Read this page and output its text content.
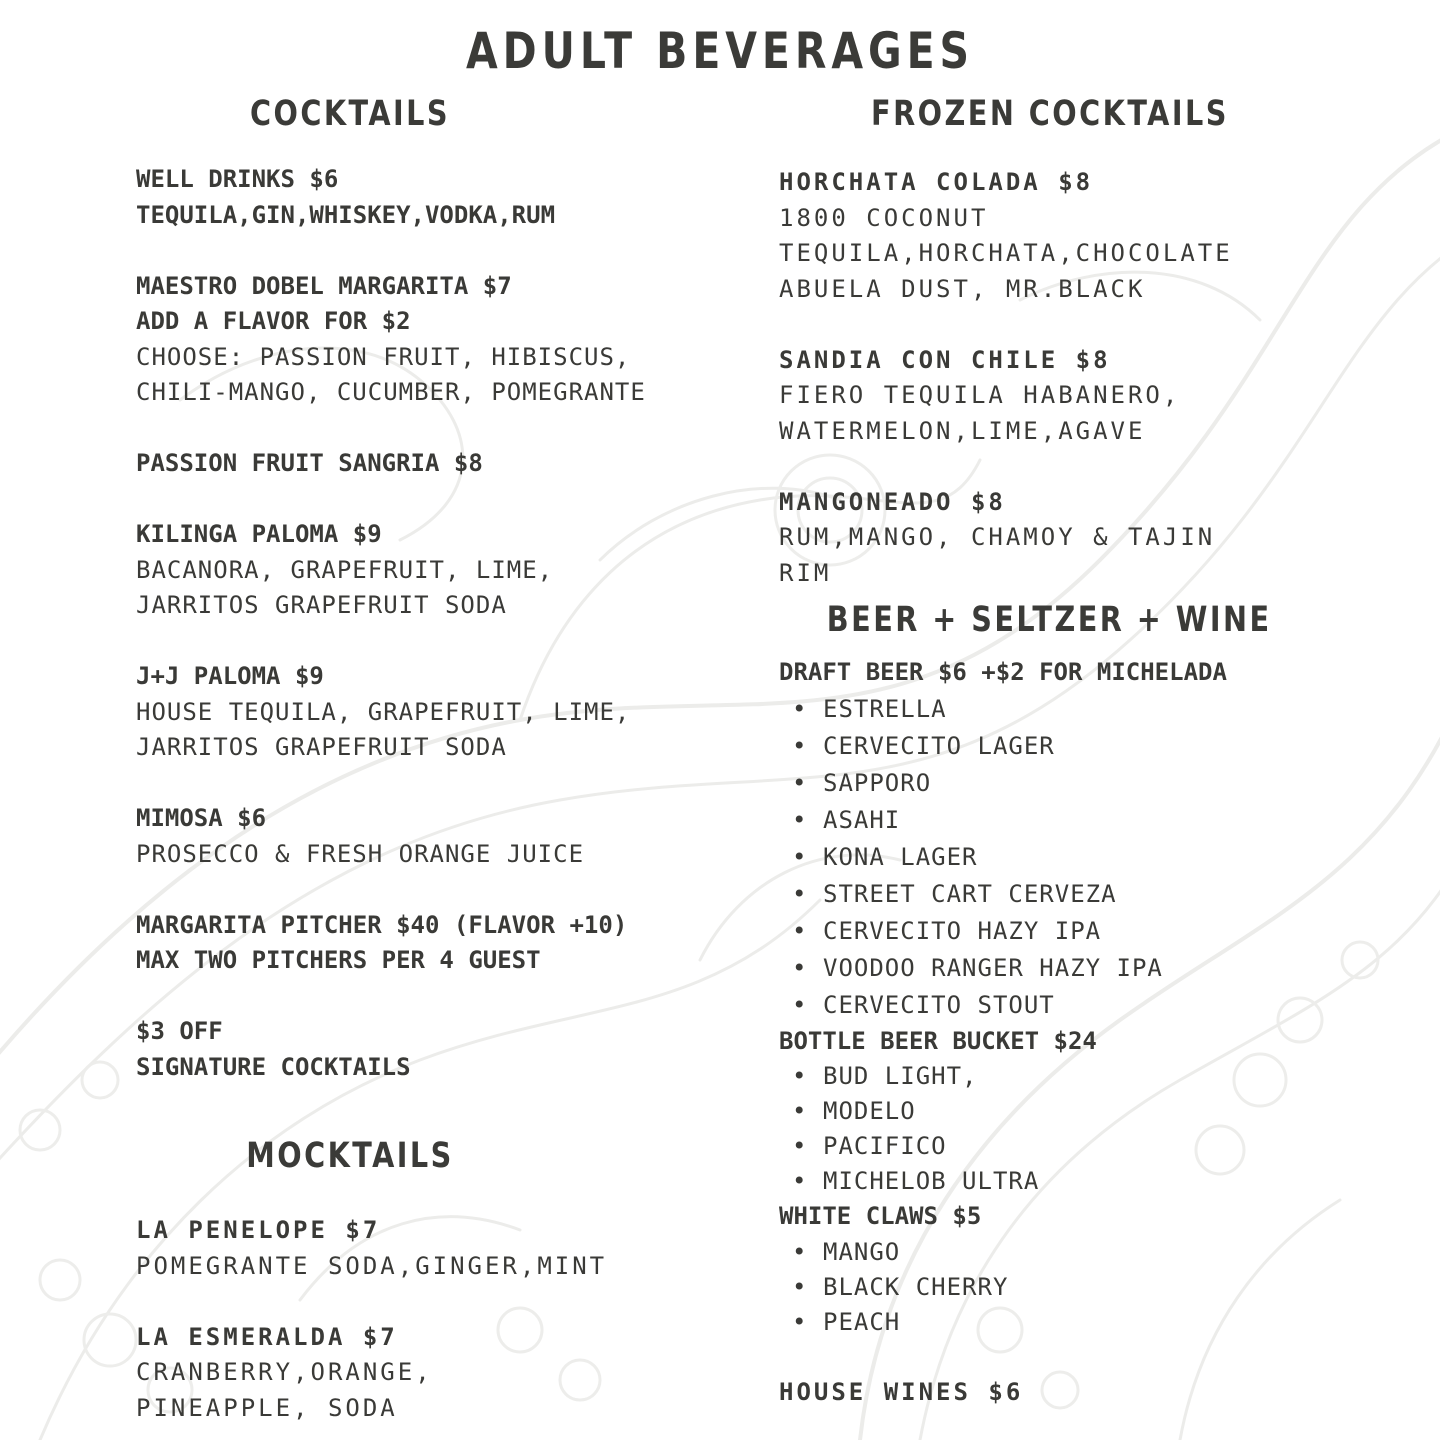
ADULT BEVERAGES
COCKTAILS
WELL DRINKS $6
TEQUILA,GIN,WHISKEY,VODKA,RUM
MAESTRO DOBEL MARGARITA $7
ADD A FLAVOR FOR $2
CHOOSE: PASSION FRUIT, HIBISCUS,
CHILI-MANGO, CUCUMBER, POMEGRANTE
PASSION FRUIT SANGRIA $8
KILINGA PALOMA $9
BACANORA, GRAPEFRUIT, LIME,
JARRITOS GRAPEFRUIT SODA
J+J PALOMA $9
HOUSE TEQUILA, GRAPEFRUIT, LIME,
JARRITOS GRAPEFRUIT SODA
MIMOSA $6
PROSECCO & FRESH ORANGE JUICE
MARGARITA PITCHER $40 (FLAVOR +10)
MAX TWO PITCHERS PER 4 GUEST
$3 OFF
SIGNATURE COCKTAILS
MOCKTAILS
LA PENELOPE $7
POMEGRANTE SODA,GINGER,MINT
LA ESMERALDA $7
CRANBERRY,ORANGE,
PINEAPPLE, SODA
FROZEN COCKTAILS
HORCHATA COLADA $8
1800 COCONUT
TEQUILA,HORCHATA,CHOCOLATE
ABUELA DUST, MR.BLACK
SANDIA CON CHILE $8
FIERO TEQUILA HABANERO,
WATERMELON,LIME,AGAVE
MANGONEADO $8
RUM,MANGO, CHAMOY & TAJIN
RIM
BEER + SELTZER + WINE
DRAFT BEER $6 +$2 FOR MICHELADA
• ESTRELLA
• CERVECITO LAGER
• SAPPORO
• ASAHI
• KONA LAGER
• STREET CART CERVEZA
• CERVECITO HAZY IPA
• VOODOO RANGER HAZY IPA
• CERVECITO STOUT
BOTTLE BEER BUCKET $24
• BUD LIGHT,
• MODELO
• PACIFICO
• MICHELOB ULTRA
WHITE CLAWS $5
• MANGO
• BLACK CHERRY
• PEACH
HOUSE WINES $6
